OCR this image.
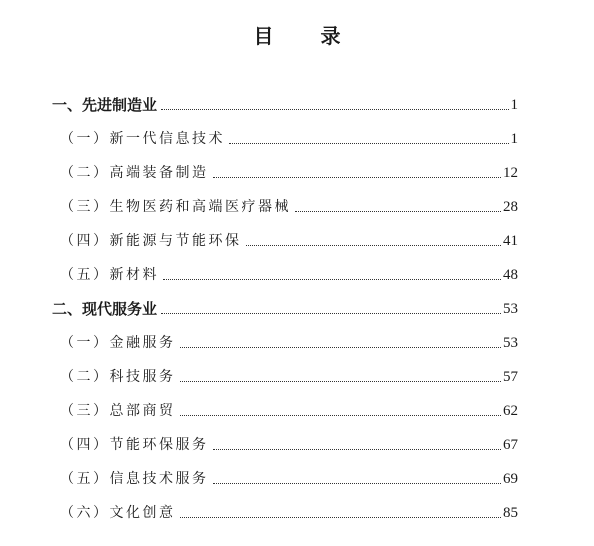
目 录
一、先进制造业	1
（一）新一代信息技术	1
（二）高端装备制造	12
（三）生物医药和高端医疗器械	28
（四）新能源与节能环保	41
（五）新材料	48
二、现代服务业	53
（一）金融服务	53
（二）科技服务	57
（三）总部商贸	62
（四）节能环保服务	67
（五）信息技术服务	69
（六）文化创意	85
